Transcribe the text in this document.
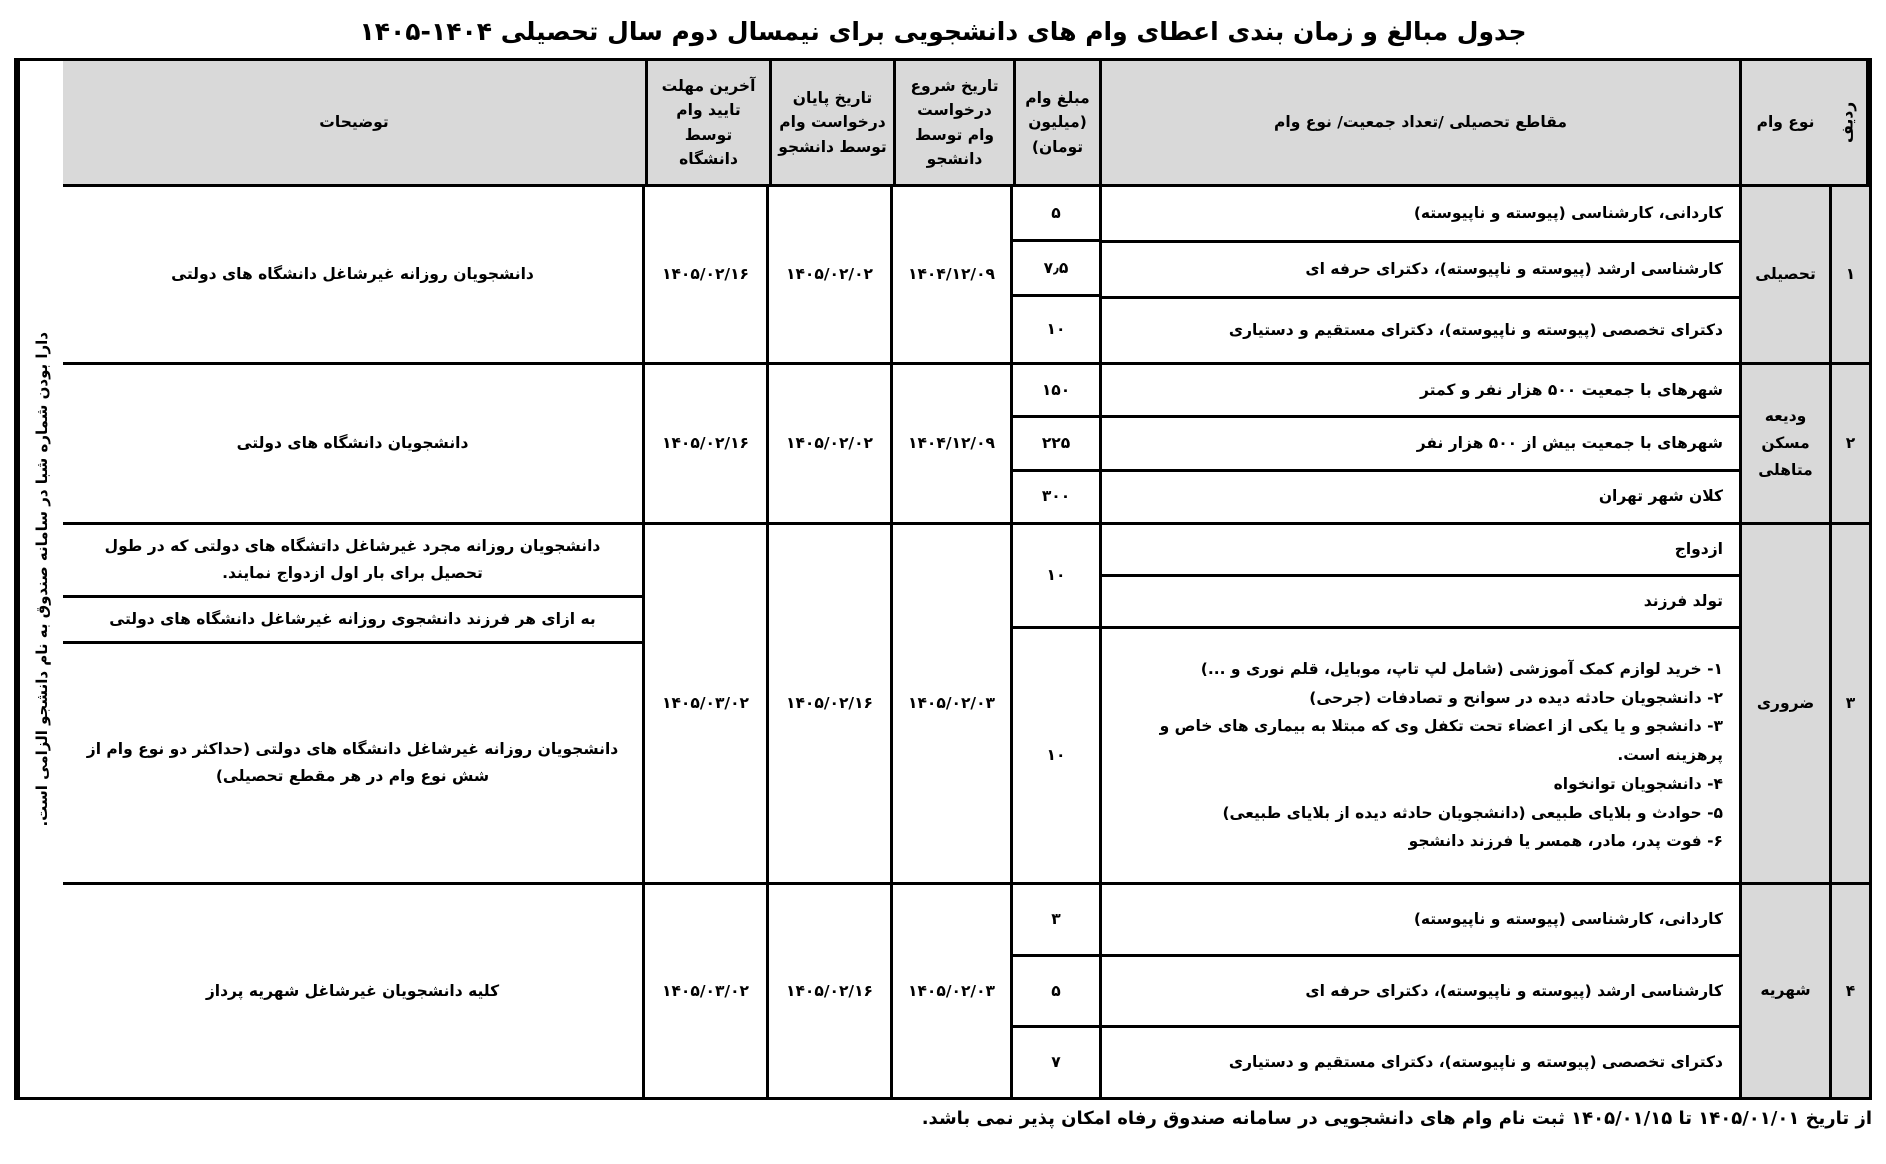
جدول مبالغ و زمان بندی اعطای وام های دانشجویی برای نیمسال دوم سال تحصیلی ۱۴۰۴-۱۴۰۵
ردیف
نوع وام
مقاطع تحصیلی /تعداد جمعیت/ نوع وام
مبلغ وام (میلیون تومان)
تاریخ شروع درخواست وام توسط دانشجو
تاریخ پایان درخواست وام توسط دانشجو
آخرین مهلت تایید وام توسط دانشگاه
توضیحات
۱
تحصیلی
کاردانی، کارشناسی (پیوسته و ناپیوسته)
کارشناسی ارشد (پیوسته و ناپیوسته)، دکترای حرفه ای
دکترای تخصصی (پیوسته و ناپیوسته)، دکترای مستقیم و دستیاری
۵
۷٫۵
۱۰
۱۴۰۴/۱۲/۰۹
۱۴۰۵/۰۲/۰۲
۱۴۰۵/۰۲/۱۶
دانشجویان روزانه غیرشاغل دانشگاه های دولتی
۲
ودیعه مسکن متاهلی
شهرهای با جمعیت ۵۰۰ هزار نفر و کمتر
شهرهای با جمعیت بیش از ۵۰۰ هزار نفر
کلان شهر تهران
۱۵۰
۲۲۵
۳۰۰
۱۴۰۴/۱۲/۰۹
۱۴۰۵/۰۲/۰۲
۱۴۰۵/۰۲/۱۶
دانشجویان دانشگاه های دولتی
۳
ضروری
ازدواج
تولد فرزند
۱- خرید لوازم کمک آموزشی (شامل لپ تاپ، موبایل، قلم نوری و ...)
۲- دانشجویان حادثه دیده در سوانح و تصادفات (جرحی)
۳- دانشجو و یا یکی از اعضاء تحت تکفل وی که مبتلا به بیماری های خاص و
پرهزینه است.
۴- دانشجویان توانخواه
۵- حوادث و بلایای طبیعی (دانشجویان حادثه دیده از بلایای طبیعی)
۶- فوت پدر، مادر، همسر یا فرزند دانشجو
۱۰
۱۰
۱۴۰۵/۰۲/۰۳
۱۴۰۵/۰۲/۱۶
۱۴۰۵/۰۳/۰۲
دانشجویان روزانه مجرد غیرشاغل داتشگاه های دولتی که در طول تحصیل برای بار اول ازدواج نمایند.
به ازای هر فرزند دانشجوی روزانه غیرشاغل دانشگاه های دولتی
دانشجویان روزانه غیرشاغل دانشگاه های دولتی (حداکثر دو نوع وام از شش نوع وام در هر مقطع تحصیلی)
۴
شهریه
کاردانی، کارشناسی (پیوسته و ناپیوسته)
کارشناسی ارشد (پیوسته و ناپیوسته)، دکترای حرفه ای
دکترای تخصصی (پیوسته و ناپیوسته)، دکترای مستقیم و دستیاری
۳
۵
۷
۱۴۰۵/۰۲/۰۳
۱۴۰۵/۰۲/۱۶
۱۴۰۵/۰۳/۰۲
کلیه دانشجویان غیرشاغل شهریه پرداز
دارا بودن شماره شبا در سامانه صندوق به نام دانشجو الزامی است.
از تاریخ ۱۴۰۵/۰۱/۰۱ تا ۱۴۰۵/۰۱/۱۵ ثبت نام وام های دانشجویی در سامانه صندوق رفاه امکان پذیر نمی باشد.
